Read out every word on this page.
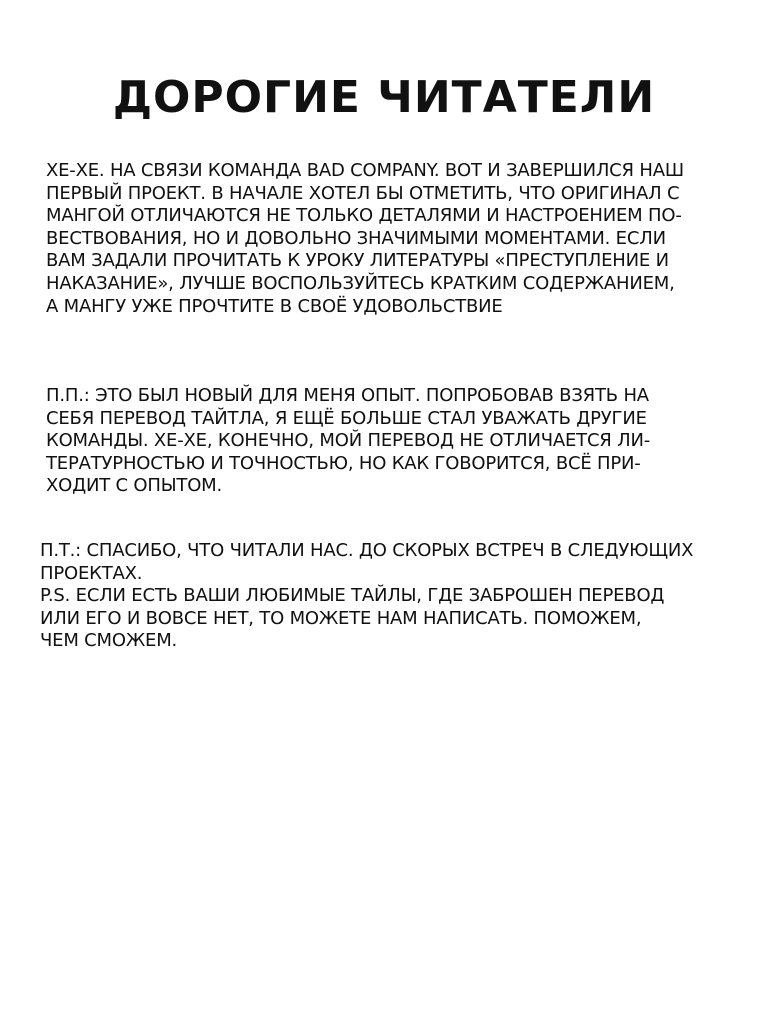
ДОРОГИЕ ЧИТАТЕЛИ
ХЕ-ХЕ. НА СВЯЗИ КОМАНДА BAD COMPANY. ВОТ И ЗАВЕРШИЛСЯ НАШ
ПЕРВЫЙ ПРОЕКТ. В НАЧАЛЕ ХОТЕЛ БЫ ОТМЕТИТЬ, ЧТО ОРИГИНАЛ С
МАНГОЙ ОТЛИЧАЮТСЯ НЕ ТОЛЬКО ДЕТАЛЯМИ И НАСТРОЕНИЕМ ПО-
ВЕСТВОВАНИЯ, НО И ДОВОЛЬНО ЗНАЧИМЫМИ МОМЕНТАМИ. ЕСЛИ
ВАМ ЗАДАЛИ ПРОЧИТАТЬ К УРОКУ ЛИТЕРАТУРЫ «ПРЕСТУПЛЕНИЕ И
НАКАЗАНИЕ», ЛУЧШЕ ВОСПОЛЬЗУЙТЕСЬ КРАТКИМ СОДЕРЖАНИЕМ,
А МАНГУ УЖЕ ПРОЧТИТЕ В СВОЁ УДОВОЛЬСТВИЕ
П.П.: ЭТО БЫЛ НОВЫЙ ДЛЯ МЕНЯ ОПЫТ. ПОПРОБОВАВ ВЗЯТЬ НА
СЕБЯ ПЕРЕВОД ТАЙТЛА, Я ЕЩЁ БОЛЬШЕ СТАЛ УВАЖАТЬ ДРУГИЕ
КОМАНДЫ. ХЕ-ХЕ, КОНЕЧНО, МОЙ ПЕРЕВОД НЕ ОТЛИЧАЕТСЯ ЛИ-
ТЕРАТУРНОСТЬЮ И ТОЧНОСТЬЮ, НО КАК ГОВОРИТСЯ, ВСЁ ПРИ-
ХОДИТ С ОПЫТОМ.
П.Т.: СПАСИБО, ЧТО ЧИТАЛИ НАС. ДО СКОРЫХ ВСТРЕЧ В СЛЕДУЮЩИХ
ПРОЕКТАХ.
P.S. ЕСЛИ ЕСТЬ ВАШИ ЛЮБИМЫЕ ТАЙЛЫ, ГДЕ ЗАБРОШЕН ПЕРЕВОД
ИЛИ ЕГО И ВОВСЕ НЕТ, ТО МОЖЕТЕ НАМ НАПИСАТЬ. ПОМОЖЕМ,
ЧЕМ СМОЖЕМ.
